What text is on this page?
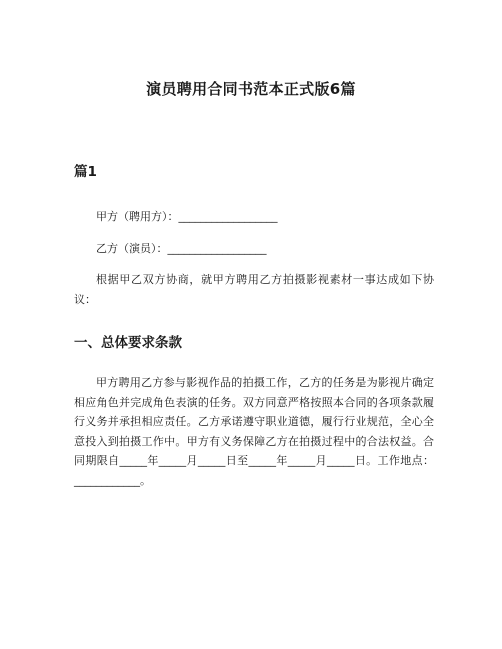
演员聘用合同书范本正式版6篇
篇1

甲方（聘用方）：__________________

乙方（演员）：__________________

根据甲乙双方协商，就甲方聘用乙方拍摄影视素材一事达成如下协议：

一、总体要求条款

甲方聘用乙方参与影视作品的拍摄工作，乙方的任务是为影视片确定相应角色并完成角色表演的任务。双方同意严格按照本合同的各项条款履行义务并承担相应责任。乙方承诺遵守职业道德，履行行业规范，全心全意投入到拍摄工作中。甲方有义务保障乙方在拍摄过程中的合法权益。合同期限自_____年_____月_____日至_____年_____月_____日。工作地点：____________。
